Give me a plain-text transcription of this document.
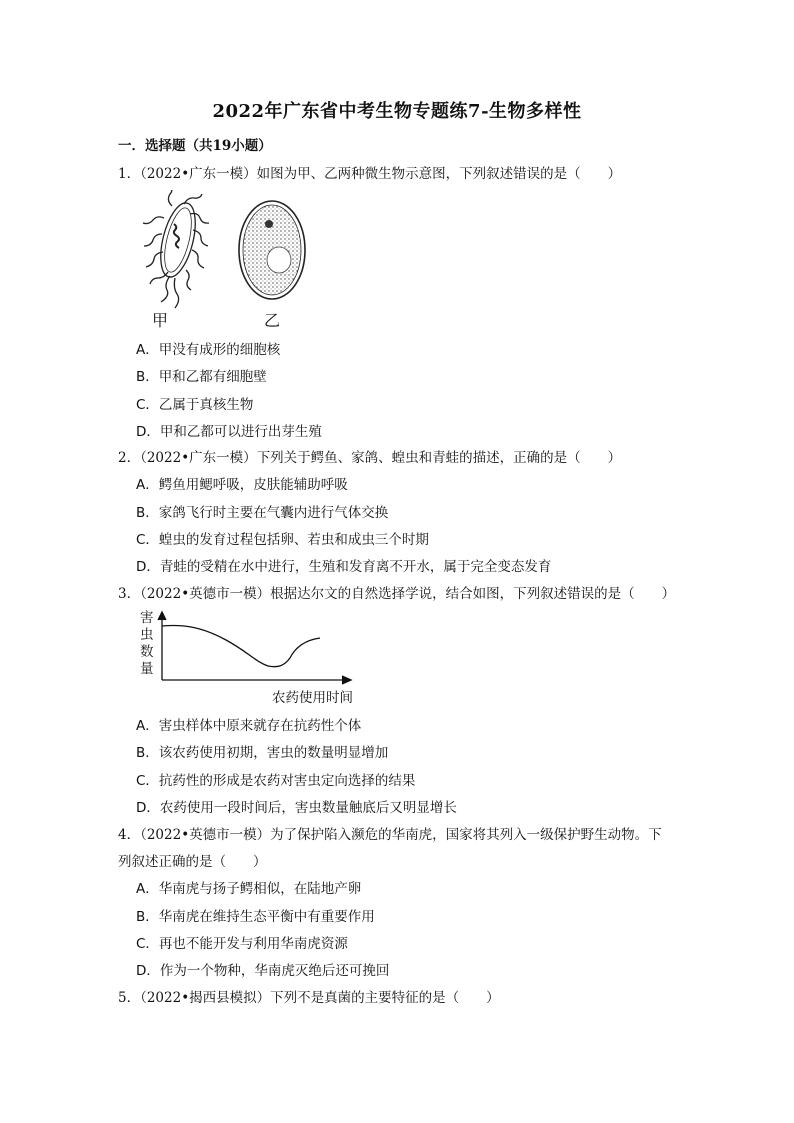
2022年广东省中考生物专题练7-生物多样性
一．选择题（共19小题）
1．（2022•广东一模）如图为甲、乙两种微生物示意图，下列叙述错误的是（　　）
甲	乙
A．甲没有成形的细胞核
B．甲和乙都有细胞壁
C．乙属于真核生物
D．甲和乙都可以进行出芽生殖
2．（2022•广东一模）下列关于鳄鱼、家鸽、蝗虫和青蛙的描述，正确的是（　　）
A．鳄鱼用鳃呼吸，皮肤能辅助呼吸
B．家鸽飞行时主要在气囊内进行气体交换
C．蝗虫的发育过程包括卵、若虫和成虫三个时期
D．青蛙的受精在水中进行，生殖和发育离不开水，属于完全变态发育
3．（2022•英德市一模）根据达尔文的自然选择学说，结合如图，下列叙述错误的是（　　）
害
虫
数
量
农药使用时间
A．害虫样体中原来就存在抗药性个体
B．该农药使用初期，害虫的数量明显增加
C．抗药性的形成是农药对害虫定向选择的结果
D．农药使用一段时间后，害虫数量触底后又明显增长
4．（2022•英德市一模）为了保护陷入濒危的华南虎，国家将其列入一级保护野生动物。下
列叙述正确的是（　　）
A．华南虎与扬子鳄相似，在陆地产卵
B．华南虎在维持生态平衡中有重要作用
C．再也不能开发与利用华南虎资源
D．作为一个物种，华南虎灭绝后还可挽回
5．（2022•揭西县模拟）下列不是真菌的主要特征的是（　　）
